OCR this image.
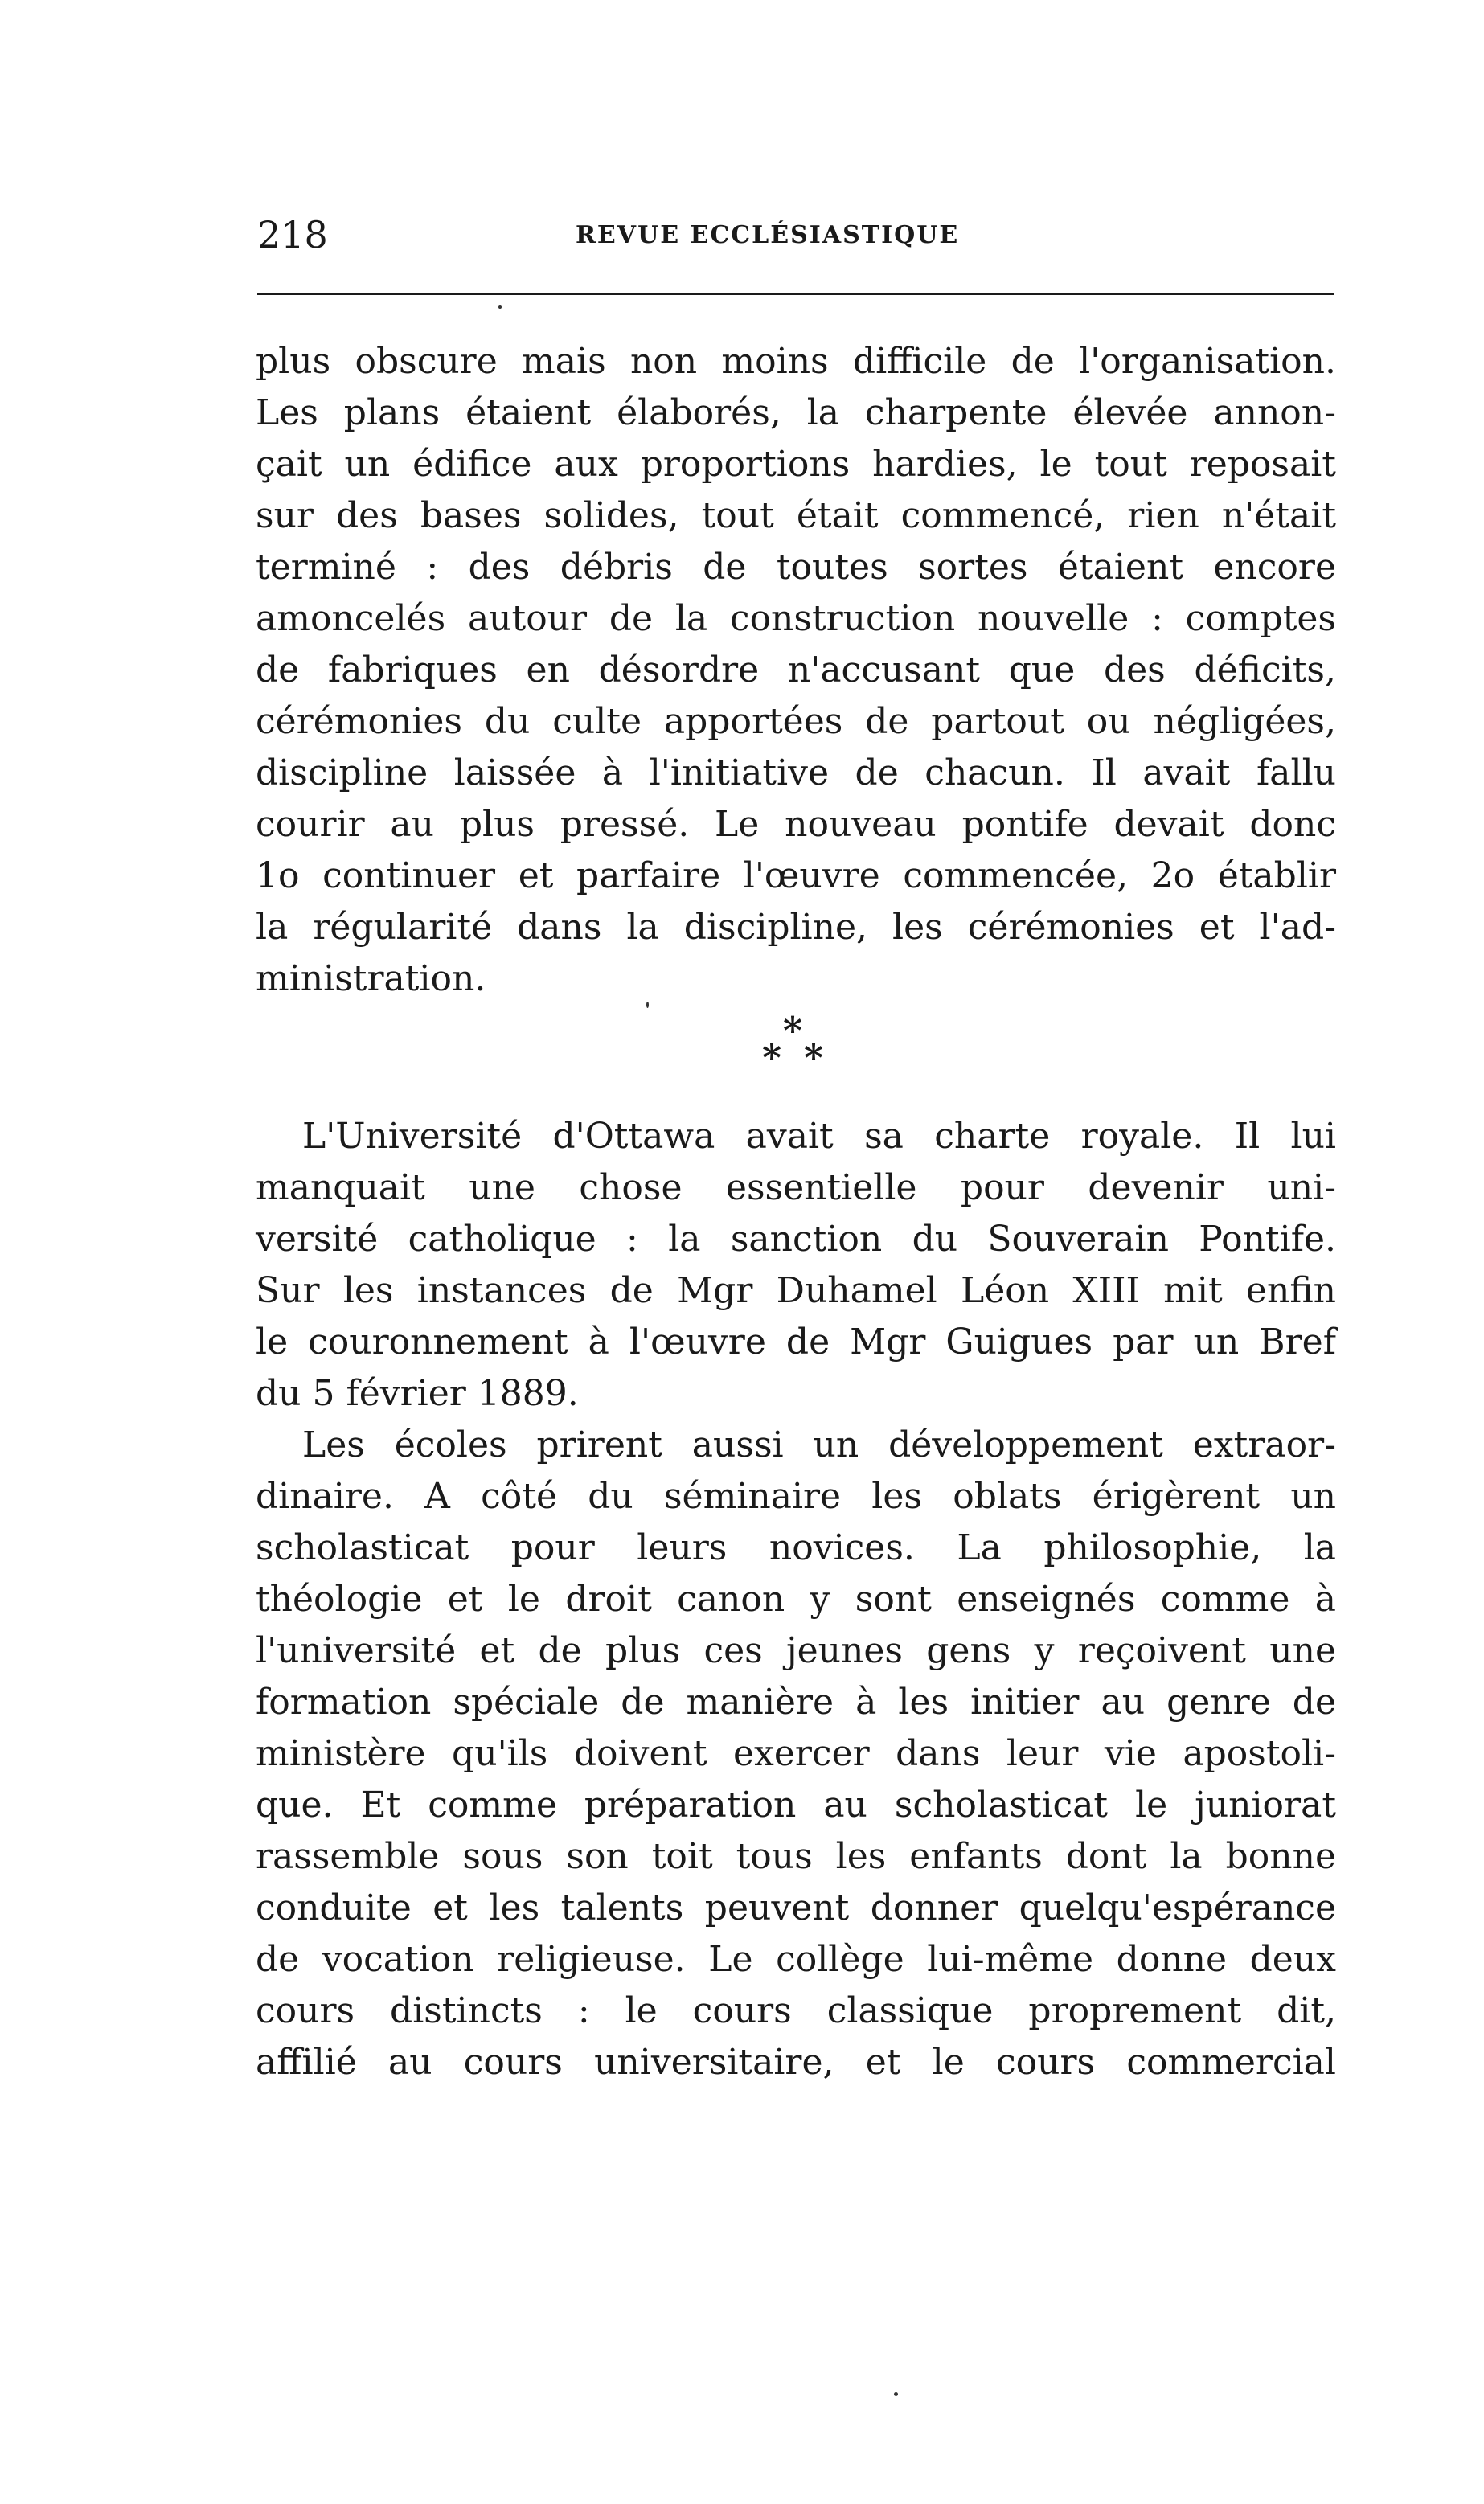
218	REVUE ECCLÉSIASTIQUE
plus obscure mais non moins difficile de l'organisation.
Les plans étaient élaborés, la charpente élevée annon-
çait un édifice aux proportions hardies, le tout reposait
sur des bases solides, tout était commencé, rien n'était
terminé : des débris de toutes sortes étaient encore
amoncelés autour de la construction nouvelle : comptes
de fabriques en désordre n'accusant que des déficits,
cérémonies du culte apportées de partout ou négligées,
discipline laissée à l'initiative de chacun. Il avait fallu
courir au plus pressé. Le nouveau pontife devait donc
1o continuer et parfaire l'œuvre commencée, 2o établir
la régularité dans la discipline, les cérémonies et l'ad-
ministration.
*
* *
L'Université d'Ottawa avait sa charte royale. Il lui
manquait une chose essentielle pour devenir uni-
versité catholique : la sanction du Souverain Pontife.
Sur les instances de Mgr Duhamel Léon XIII mit enfin
le couronnement à l'œuvre de Mgr Guigues par un Bref
du 5 février 1889.
Les écoles prirent aussi un développement extraor-
dinaire. A côté du séminaire les oblats érigèrent un
scholasticat pour leurs novices. La philosophie, la
théologie et le droit canon y sont enseignés comme à
l'université et de plus ces jeunes gens y reçoivent une
formation spéciale de manière à les initier au genre de
ministère qu'ils doivent exercer dans leur vie apostoli-
que. Et comme préparation au scholasticat le juniorat
rassemble sous son toit tous les enfants dont la bonne
conduite et les talents peuvent donner quelqu'espérance
de vocation religieuse. Le collège lui-même donne deux
cours distincts : le cours classique proprement dit,
affilié au cours universitaire, et le cours commercial
